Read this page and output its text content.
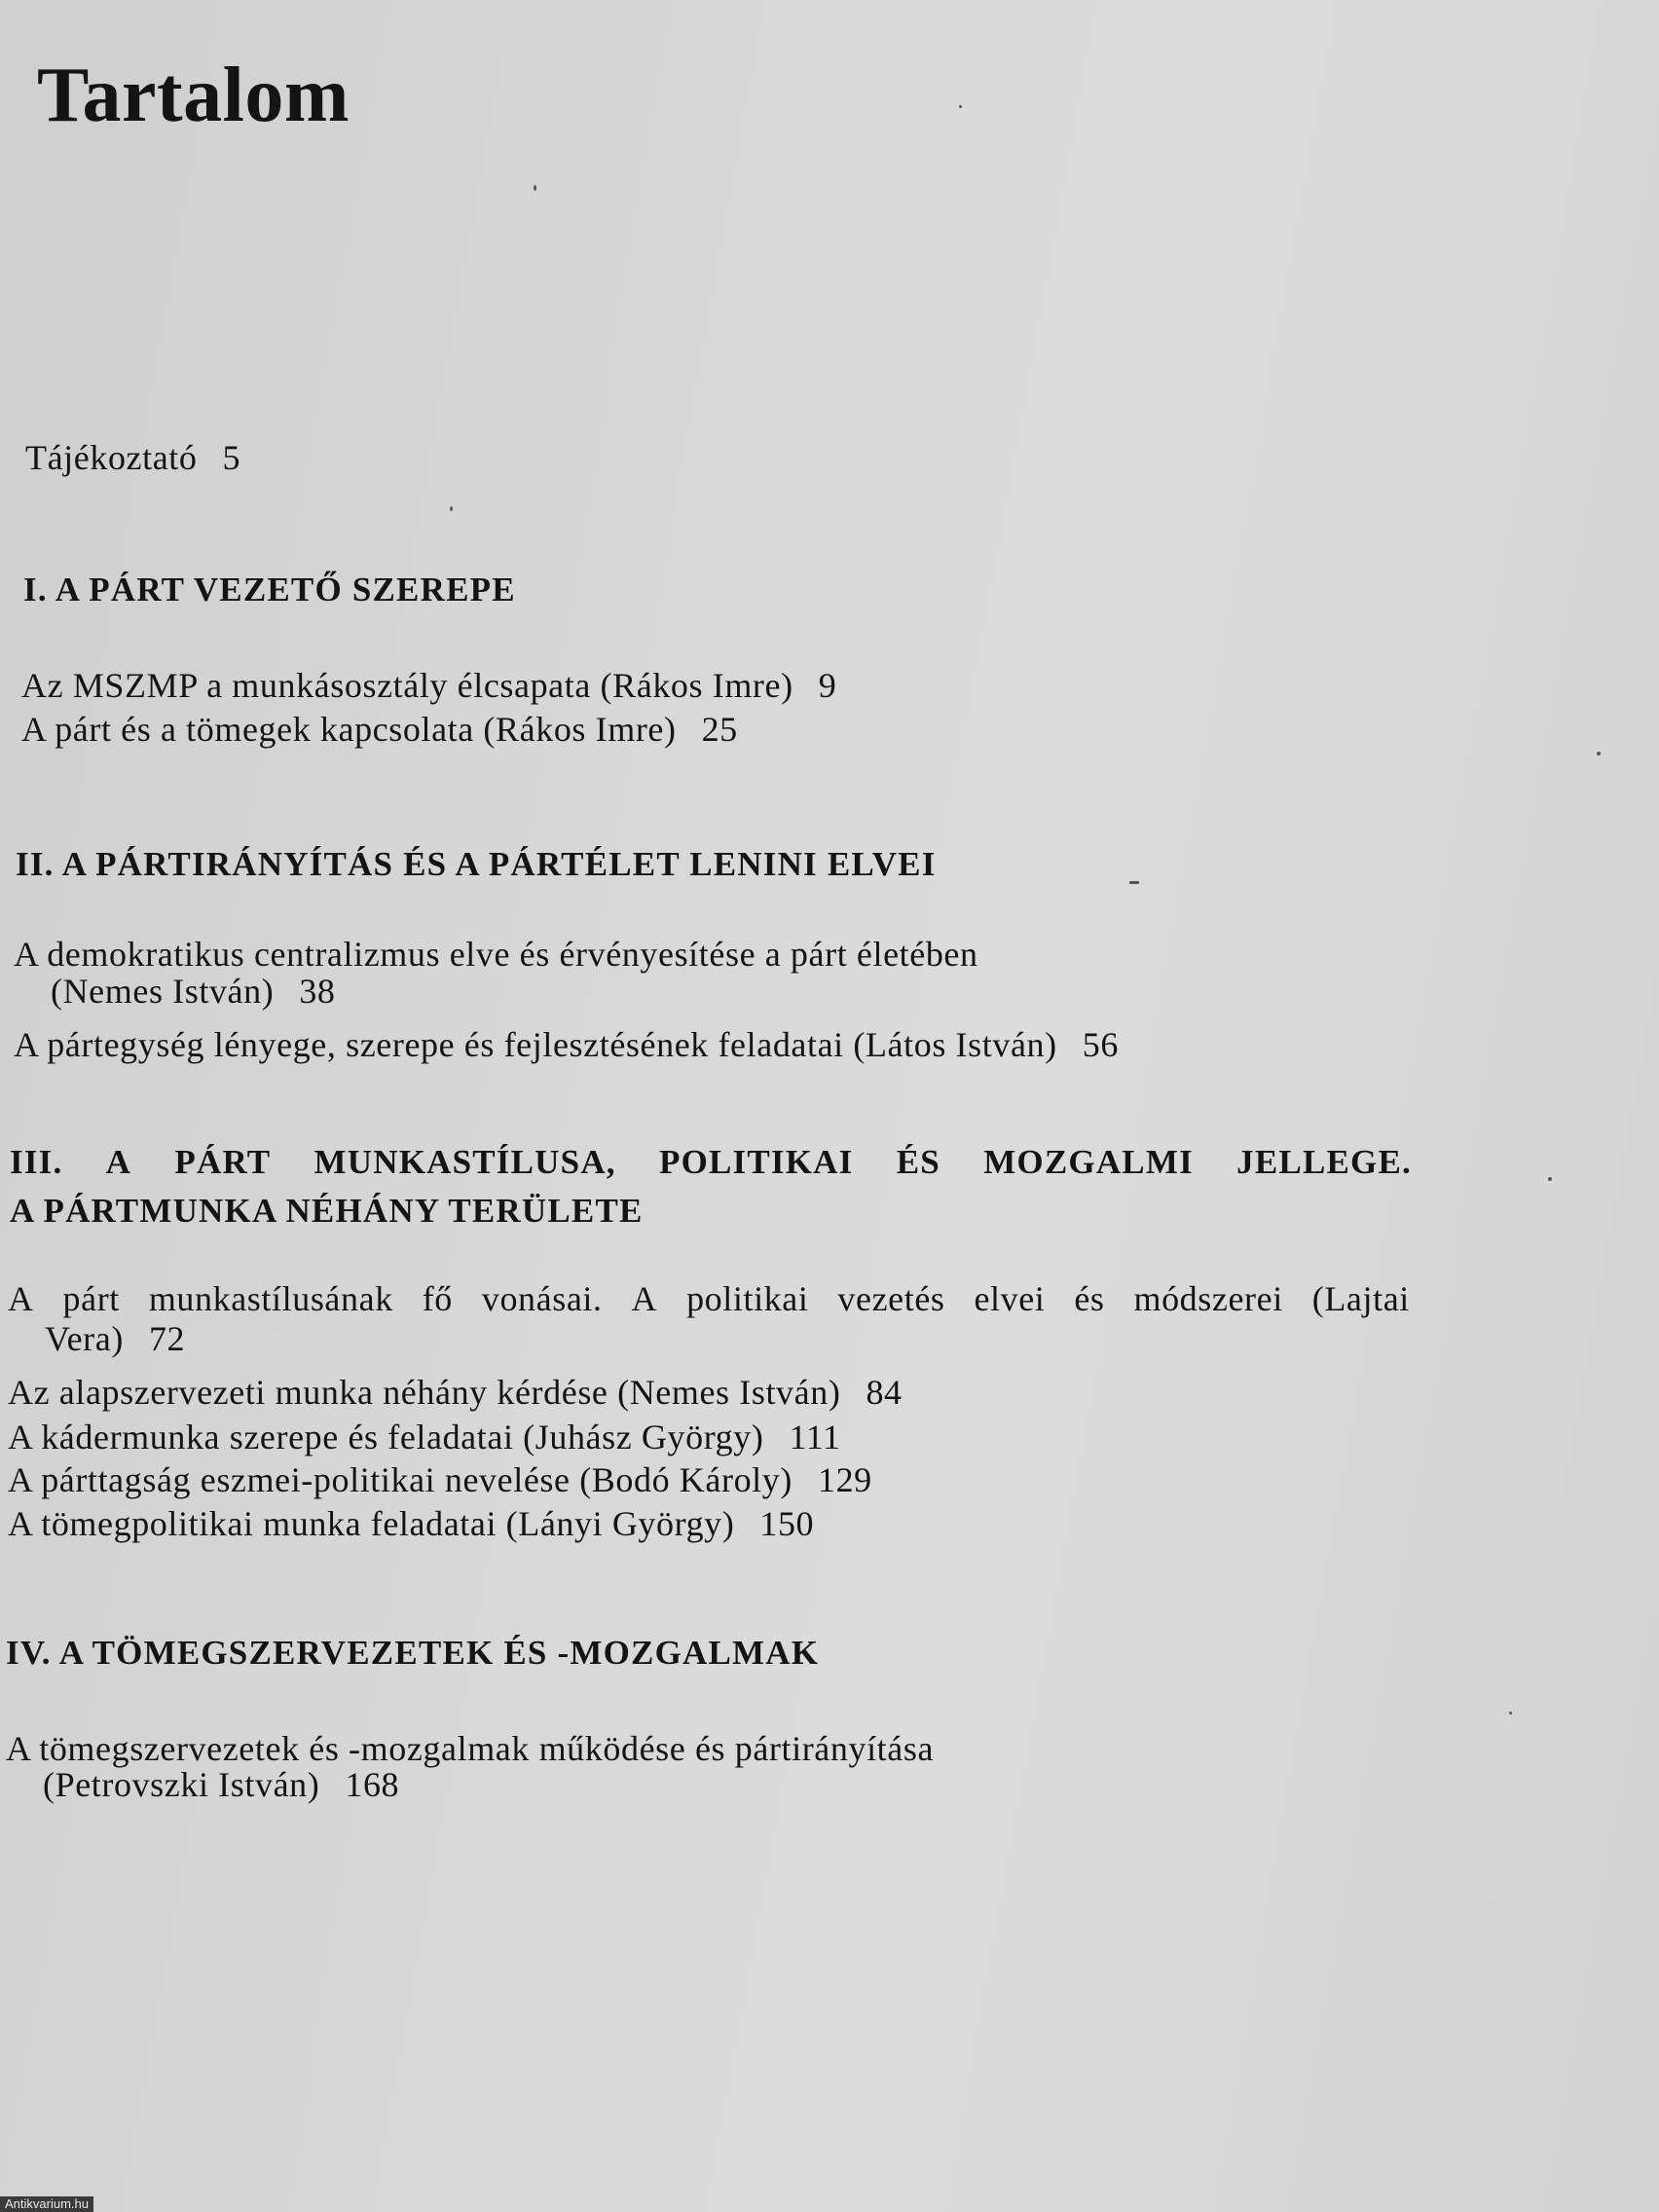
Tartalom
Tájékoztató 5
I. A PÁRT VEZETŐ SZEREPE
Az MSZMP a munkásosztály élcsapata (Rákos Imre) 9
A párt és a tömegek kapcsolata (Rákos Imre) 25
II. A PÁRTIRÁNYÍTÁS ÉS A PÁRTÉLET LENINI ELVEI
A demokratikus centralizmus elve és érvényesítése a párt életében
(Nemes István) 38
A pártegység lényege, szerepe és fejlesztésének feladatai (Látos István) 56
III. A PÁRT MUNKASTÍLUSA, POLITIKAI ÉS MOZGALMI JELLEGE.
A PÁRTMUNKA NÉHÁNY TERÜLETE
A párt munkastílusának fő vonásai. A politikai vezetés elvei és módszerei (Lajtai
Vera) 72
Az alapszervezeti munka néhány kérdése (Nemes István) 84
A kádermunka szerepe és feladatai (Juhász György) 111
A párttagság eszmei-politikai nevelése (Bodó Károly) 129
A tömegpolitikai munka feladatai (Lányi György) 150
IV. A TÖMEGSZERVEZETEK ÉS -MOZGALMAK
A tömegszervezetek és -mozgalmak működése és pártirányítása
(Petrovszki István) 168
Antikvarium.hu
